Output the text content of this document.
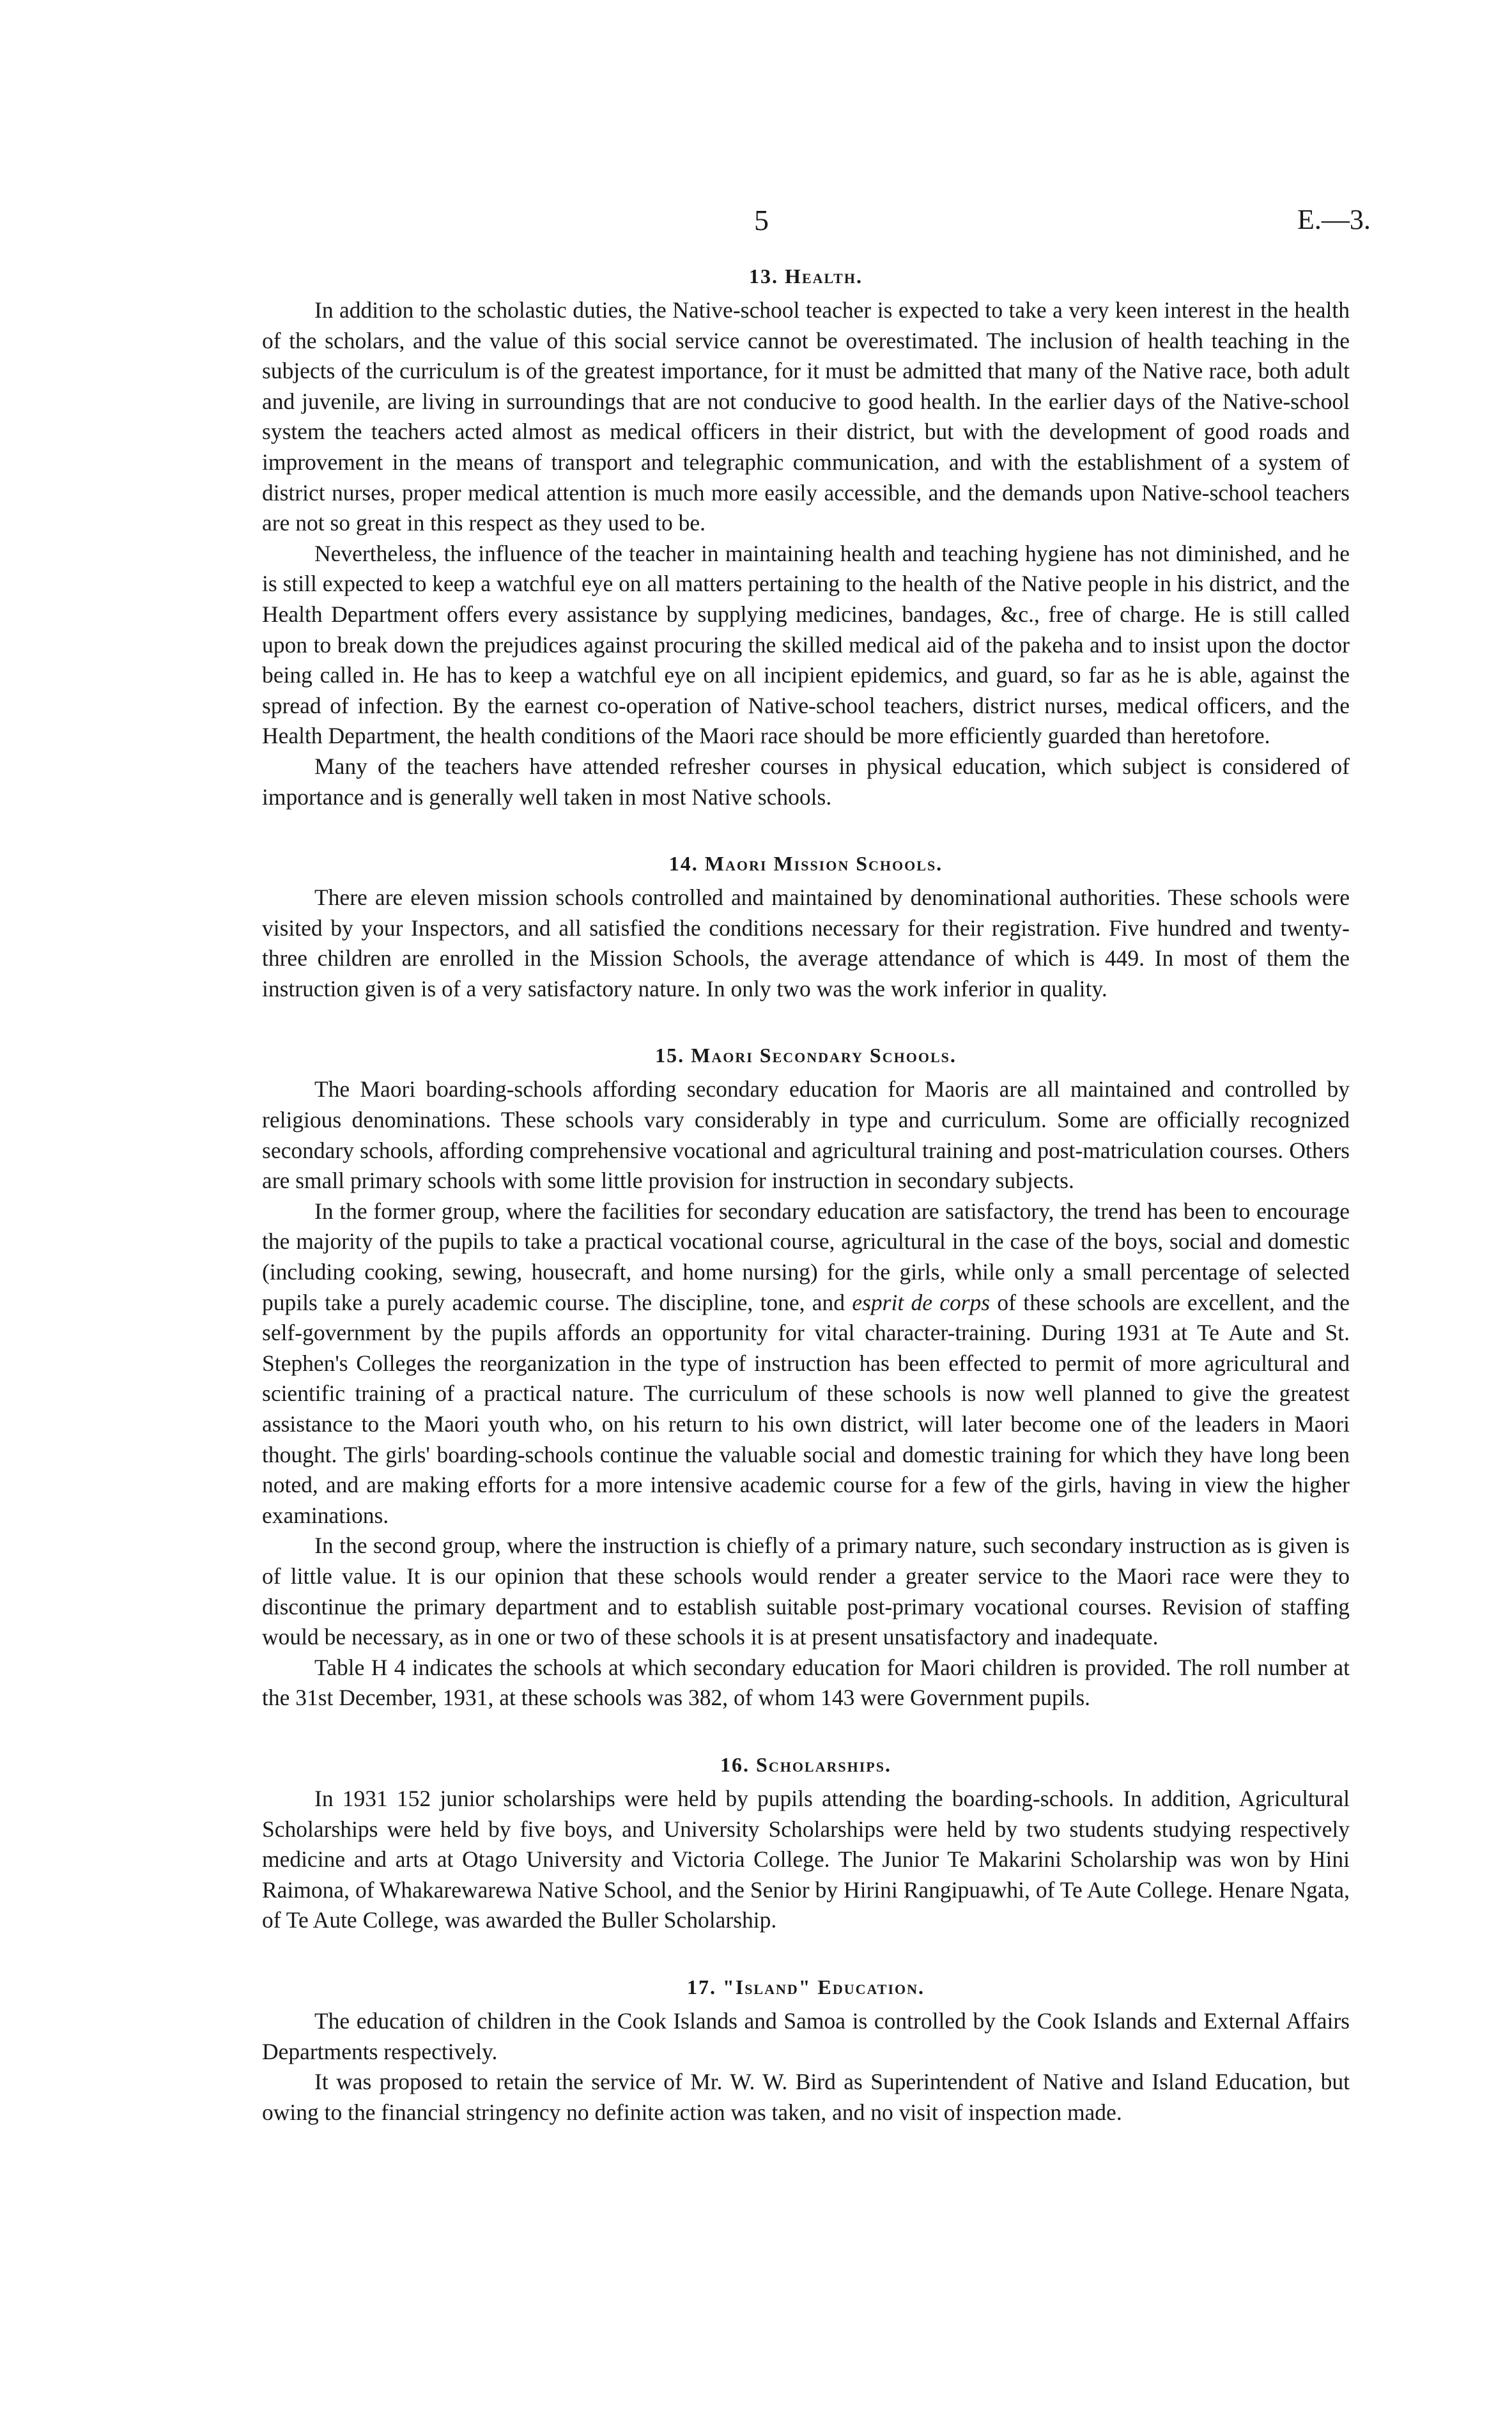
5	E.—3.
13. Health.

In addition to the scholastic duties, the Native-school teacher is expected to take a very keen interest in the health of the scholars, and the value of this social service cannot be overestimated. The inclusion of health teaching in the subjects of the curriculum is of the greatest importance, for it must be admitted that many of the Native race, both adult and juvenile, are living in surroundings that are not conducive to good health. In the earlier days of the Native-school system the teachers acted almost as medical officers in their district, but with the development of good roads and improvement in the means of transport and telegraphic communication, and with the establishment of a system of district nurses, proper medical attention is much more easily accessible, and the demands upon Native-school teachers are not so great in this respect as they used to be.

Nevertheless, the influence of the teacher in maintaining health and teaching hygiene has not diminished, and he is still expected to keep a watchful eye on all matters pertaining to the health of the Native people in his district, and the Health Department offers every assistance by supplying medicines, bandages, &c., free of charge. He is still called upon to break down the prejudices against procuring the skilled medical aid of the pakeha and to insist upon the doctor being called in. He has to keep a watchful eye on all incipient epidemics, and guard, so far as he is able, against the spread of infection. By the earnest co-operation of Native-school teachers, district nurses, medical officers, and the Health Department, the health conditions of the Maori race should be more efficiently guarded than heretofore.

Many of the teachers have attended refresher courses in physical education, which subject is considered of importance and is generally well taken in most Native schools.

14. Maori Mission Schools.

There are eleven mission schools controlled and maintained by denominational authorities. These schools were visited by your Inspectors, and all satisfied the conditions necessary for their registration. Five hundred and twenty-three children are enrolled in the Mission Schools, the average attendance of which is 449. In most of them the instruction given is of a very satisfactory nature. In only two was the work inferior in quality.

15. Maori Secondary Schools.

The Maori boarding-schools affording secondary education for Maoris are all maintained and controlled by religious denominations. These schools vary considerably in type and curriculum. Some are officially recognized secondary schools, affording comprehensive vocational and agricultural training and post-matriculation courses. Others are small primary schools with some little provision for instruction in secondary subjects.

In the former group, where the facilities for secondary education are satisfactory, the trend has been to encourage the majority of the pupils to take a practical vocational course, agricultural in the case of the boys, social and domestic (including cooking, sewing, housecraft, and home nursing) for the girls, while only a small percentage of selected pupils take a purely academic course. The discipline, tone, and esprit de corps of these schools are excellent, and the self-government by the pupils affords an opportunity for vital character-training. During 1931 at Te Aute and St. Stephen's Colleges the reorganization in the type of instruction has been effected to permit of more agricultural and scientific training of a practical nature. The curriculum of these schools is now well planned to give the greatest assistance to the Maori youth who, on his return to his own district, will later become one of the leaders in Maori thought. The girls' boarding-schools continue the valuable social and domestic training for which they have long been noted, and are making efforts for a more intensive academic course for a few of the girls, having in view the higher examinations.

In the second group, where the instruction is chiefly of a primary nature, such secondary instruction as is given is of little value. It is our opinion that these schools would render a greater service to the Maori race were they to discontinue the primary department and to establish suitable post-primary vocational courses. Revision of staffing would be necessary, as in one or two of these schools it is at present unsatisfactory and inadequate.

Table H 4 indicates the schools at which secondary education for Maori children is provided. The roll number at the 31st December, 1931, at these schools was 382, of whom 143 were Government pupils.

16. Scholarships.

In 1931 152 junior scholarships were held by pupils attending the boarding-schools. In addition, Agricultural Scholarships were held by five boys, and University Scholarships were held by two students studying respectively medicine and arts at Otago University and Victoria College. The Junior Te Makarini Scholarship was won by Hini Raimona, of Whakarewarewa Native School, and the Senior by Hirini Rangipuawhi, of Te Aute College. Henare Ngata, of Te Aute College, was awarded the Buller Scholarship.

17. "Island" Education.

The education of children in the Cook Islands and Samoa is controlled by the Cook Islands and External Affairs Departments respectively.

It was proposed to retain the service of Mr. W. W. Bird as Superintendent of Native and Island Education, but owing to the financial stringency no definite action was taken, and no visit of inspection made.
